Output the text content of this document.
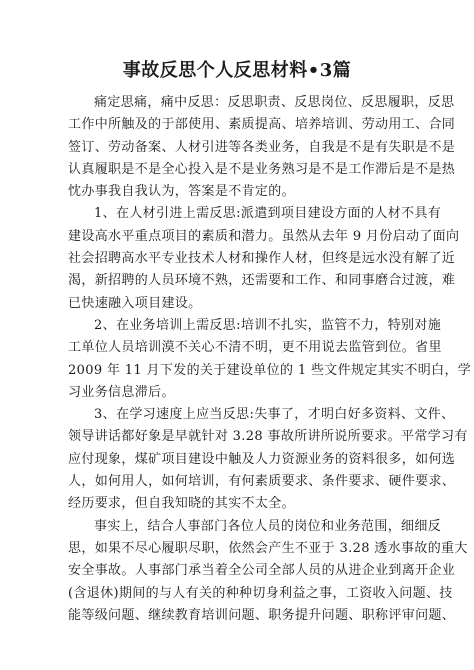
事故反思个人反思材料•3篇
痛定思痛，痛中反思：反思职责、反思岗位、反思履职，反思
工作中所触及的于部使用、素质提高、培养培训、劳动用工、合同
签订、劳动备案、人材引进等各类业务，自我是不是有失职是不是
认真履职是不是全心投入是不是业务熟习是不是工作滞后是不是热
忱办事我自我认为，答案是不肯定的。
1、在人材引进上需反思:派遣到项目建设方面的人材不具有
建设高水平重点项目的素质和潜力。虽然从去年 9 月份启动了面向
社会招聘高水平专业技术人材和操作人材，但终是远水没有解了近
渴，新招聘的人员环境不熟，还需要和工作、和同事磨合过渡，难
已快速融入项目建设。
2、在业务培训上需反思:培训不扎实，监管不力，特别对施
工单位人员培训漠不关心不清不明，更不用说去监管到位。省里
2009 年 11 月下发的关于建设单位的 1 些文件规定其实不明白，学
习业务信息滞后。
3、在学习速度上应当反思:失事了，才明白好多资料、文件、
领导讲话都好象是早就针对 3.28 事故所讲所说所要求。平常学习有
应付现象，煤矿项目建设中触及人力资源业务的资料很多，如何选
人，如何用人，如何培训，有何素质要求、条件要求、硬件要求、
经历要求，但自我知晓的其实不太全。
事实上，结合人事部门各位人员的岗位和业务范围，细细反
思，如果不尽心履职尽职，依然会产生不亚于 3.28 透水事故的重大
安全事故。人事部门承当着全公司全部人员的从进企业到离开企业
(含退休)期间的与人有关的种种切身利益之事，工资收入问题、技
能等级问题、继续教育培训问题、职务提升问题、职称评审问题、
